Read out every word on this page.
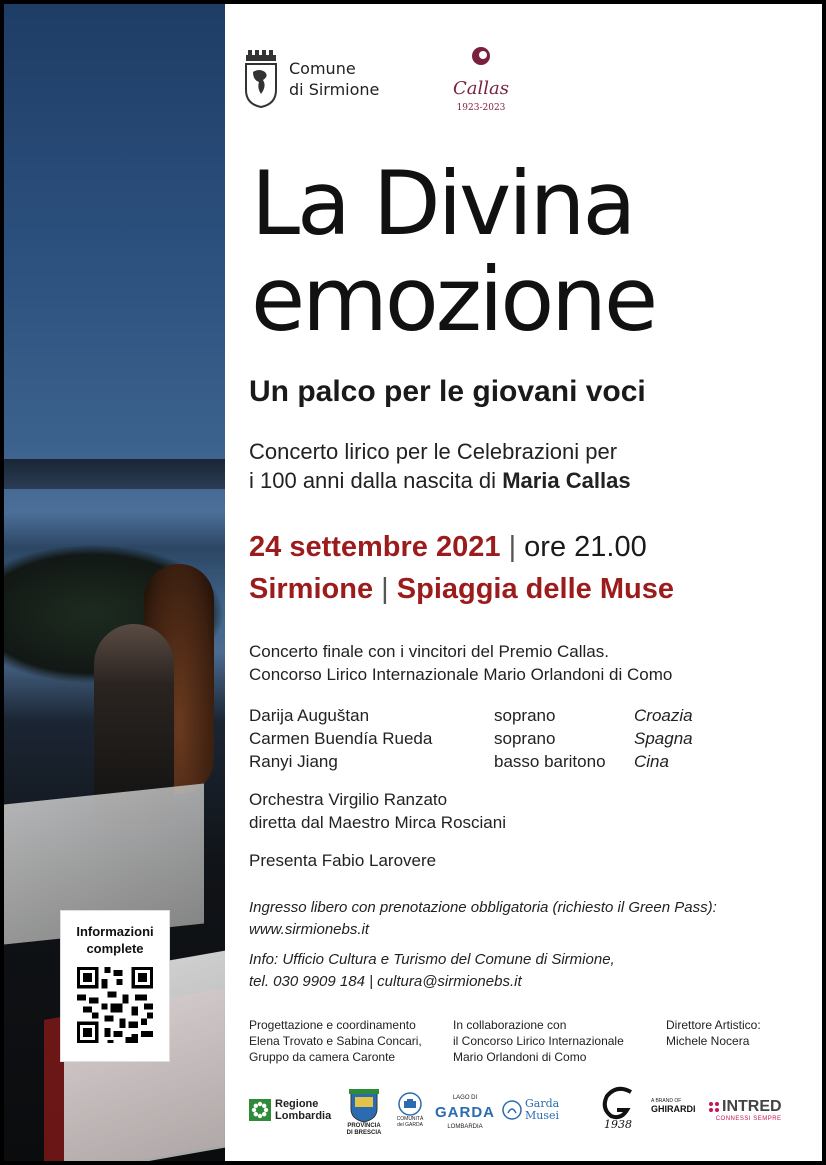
Informazioni
complete
Comune
di Sirmione	Callas
1923-2023
La Divina
emozione
Un palco per le giovani voci
Concerto lirico per le Celebrazioni per
i 100 anni dalla nascita di Maria Callas
24 settembre 2021 | ore 21.00
Sirmione | Spiaggia delle Muse
Concerto finale con i vincitori del Premio Callas.
Concorso Lirico Internazionale Mario Orlandoni di Como
Darija Auguštan	soprano	Croazia
Carmen Buendía Rueda	soprano	Spagna
Ranyi Jiang	basso baritono	Cina
Orchestra Virgilio Ranzato
diretta dal Maestro Mirca Rosciani
Presenta Fabio Larovere
Ingresso libero con prenotazione obbligatoria (richiesto il Green Pass):
www.sirmionebs.it
Info: Ufficio Cultura e Turismo del Comune di Sirmione,
tel. 030 9909 184 | cultura@sirmionebs.it
Progettazione e coordinamento
Elena Trovato e Sabina Concari,
Gruppo da camera Caronte
In collaborazione con
il Concorso Lirico Internazionale
Mario Orlandoni di Como
Direttore Artistico:
Michele Nocera
Regione
Lombardia
PROVINCIA DI BRESCIA
COMUNITÀ del GARDA
LAGO DI
GARDA
LOMBARDIA
Garda
Musei
1938
A BRAND OF
GHIRARDI INTRED
CONNESSI SEMPRE
